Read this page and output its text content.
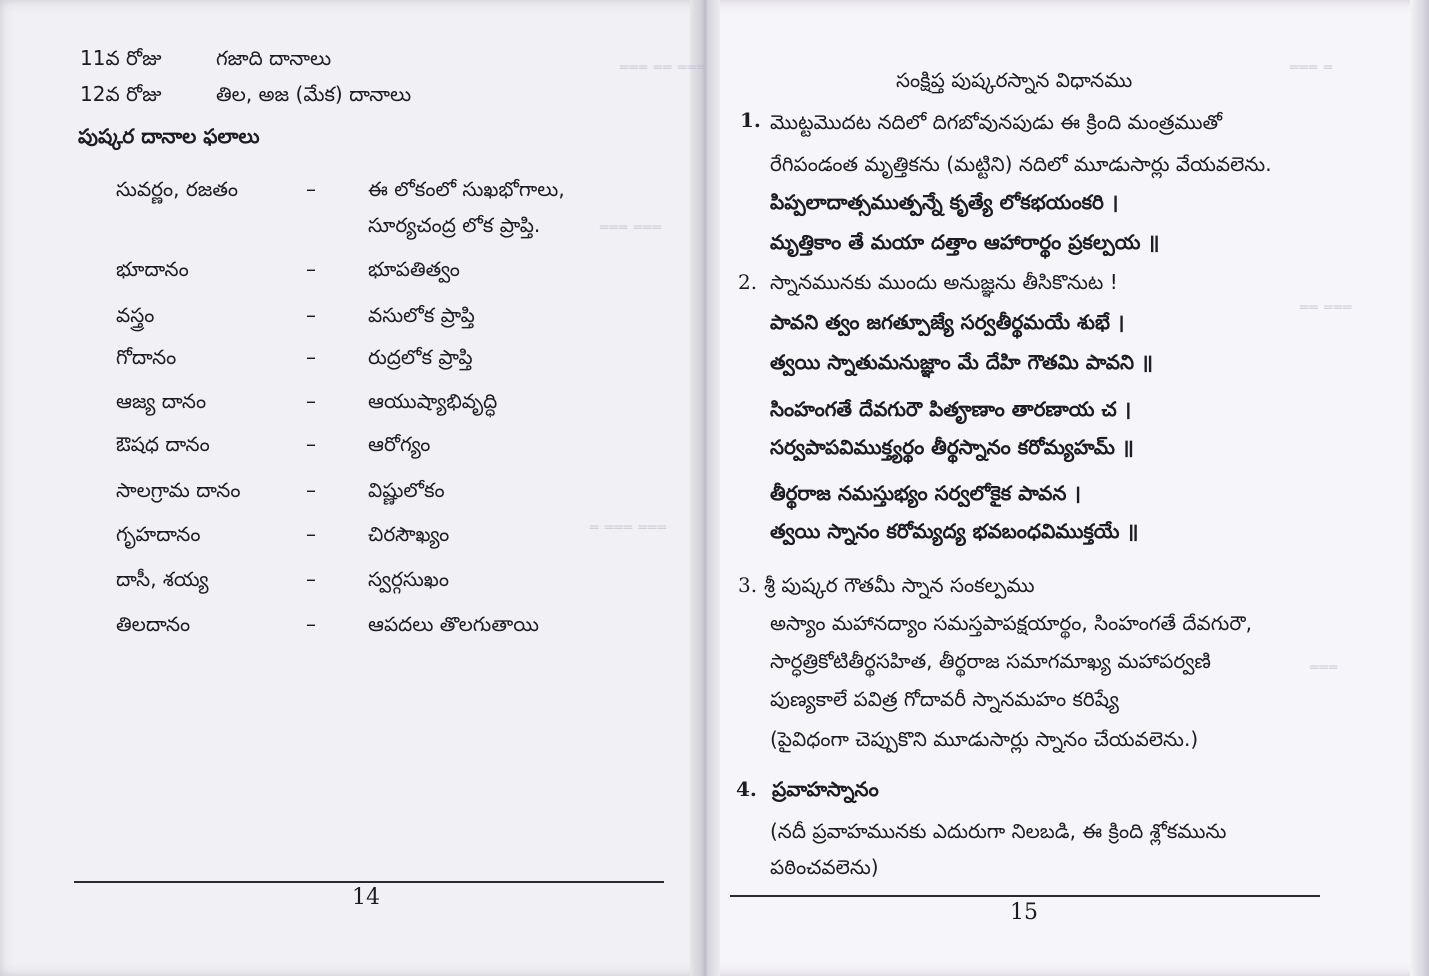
═══ ══ ═══
═══ ═══
═ ═══ ═══
═══ ═
══ ═══
═══
11వ రోజు	గజాది దానాలు
12వ రోజు	తిల, అజ (మేక) దానాలు
పుష్కర దానాల ఫలాలు
సువర్ణం, రజతం	–	ఈ లోకంలో సుఖభోగాలు,
సూర్యచంద్ర లోక ప్రాప్తి.
భూదానం	–	భూపతిత్వం
వస్త్రం	–	వసులోక ప్రాప్తి
గోదానం	–	రుద్రలోక ప్రాప్తి
ఆజ్య దానం	–	ఆయుష్యాభివృద్ధి
ఔషధ దానం	–	ఆరోగ్యం
సాలగ్రామ దానం	–	విష్ణులోకం
గృహదానం	–	చిరసౌఖ్యం
దాసీ, శయ్య	–	స్వర్గసుఖం
తిలదానం	–	ఆపదలు తొలగుతాయి
14
సంక్షిప్త పుష్కరస్నాన విధానము
1. మొట్టమొదట నదిలో దిగబోవునపుడు ఈ క్రింది మంత్రముతో
రేగిపండంత మృత్తికను (మట్టిని) నదిలో మూడుసార్లు వేయవలెను.
పిప్పలాదాత్సముత్పన్నే కృత్యే లోకభయంకరి ।
మృత్తికాం తే మయా దత్తాం ఆహారార్థం ప్రకల్పయ ॥
2. స్నానమునకు ముందు అనుజ్ఞను తీసికొనుట !
పావని త్వం జగత్పూజ్యే సర్వతీర్థమయే శుభే ।
త్వయి స్నాతుమనుజ్ఞాం మే దేహి గౌతమి పావని ॥
సింహంగతే దేవగురౌ పితౄణాం తారణాయ చ ।
సర్వపాపవిముక్త్యర్థం తీర్థస్నానం కరోమ్యహమ్ ॥
తీర్థరాజ నమస్తుభ్యం సర్వలోకైక పావన ।
త్వయి స్నానం కరోమ్యద్య భవబంధవిముక్తయే ॥
3. శ్రీ పుష్కర గౌతమీ స్నాన సంకల్పము
అస్యాం మహానద్యాం సమస్తపాపక్షయార్థం, సింహంగతే దేవగురౌ,
సార్ధత్రికోటితీర్థసహిత, తీర్థరాజ సమాగమాఖ్య మహాపర్వణి
పుణ్యకాలే పవిత్ర గోదావరీ స్నానమహం కరిష్యే
(పైవిధంగా చెప్పుకొని మూడుసార్లు స్నానం చేయవలెను.)
4. ప్రవాహస్నానం
(నదీ ప్రవాహమునకు ఎదురుగా నిలబడి, ఈ క్రింది శ్లోకమును
పఠించవలెను)
15
